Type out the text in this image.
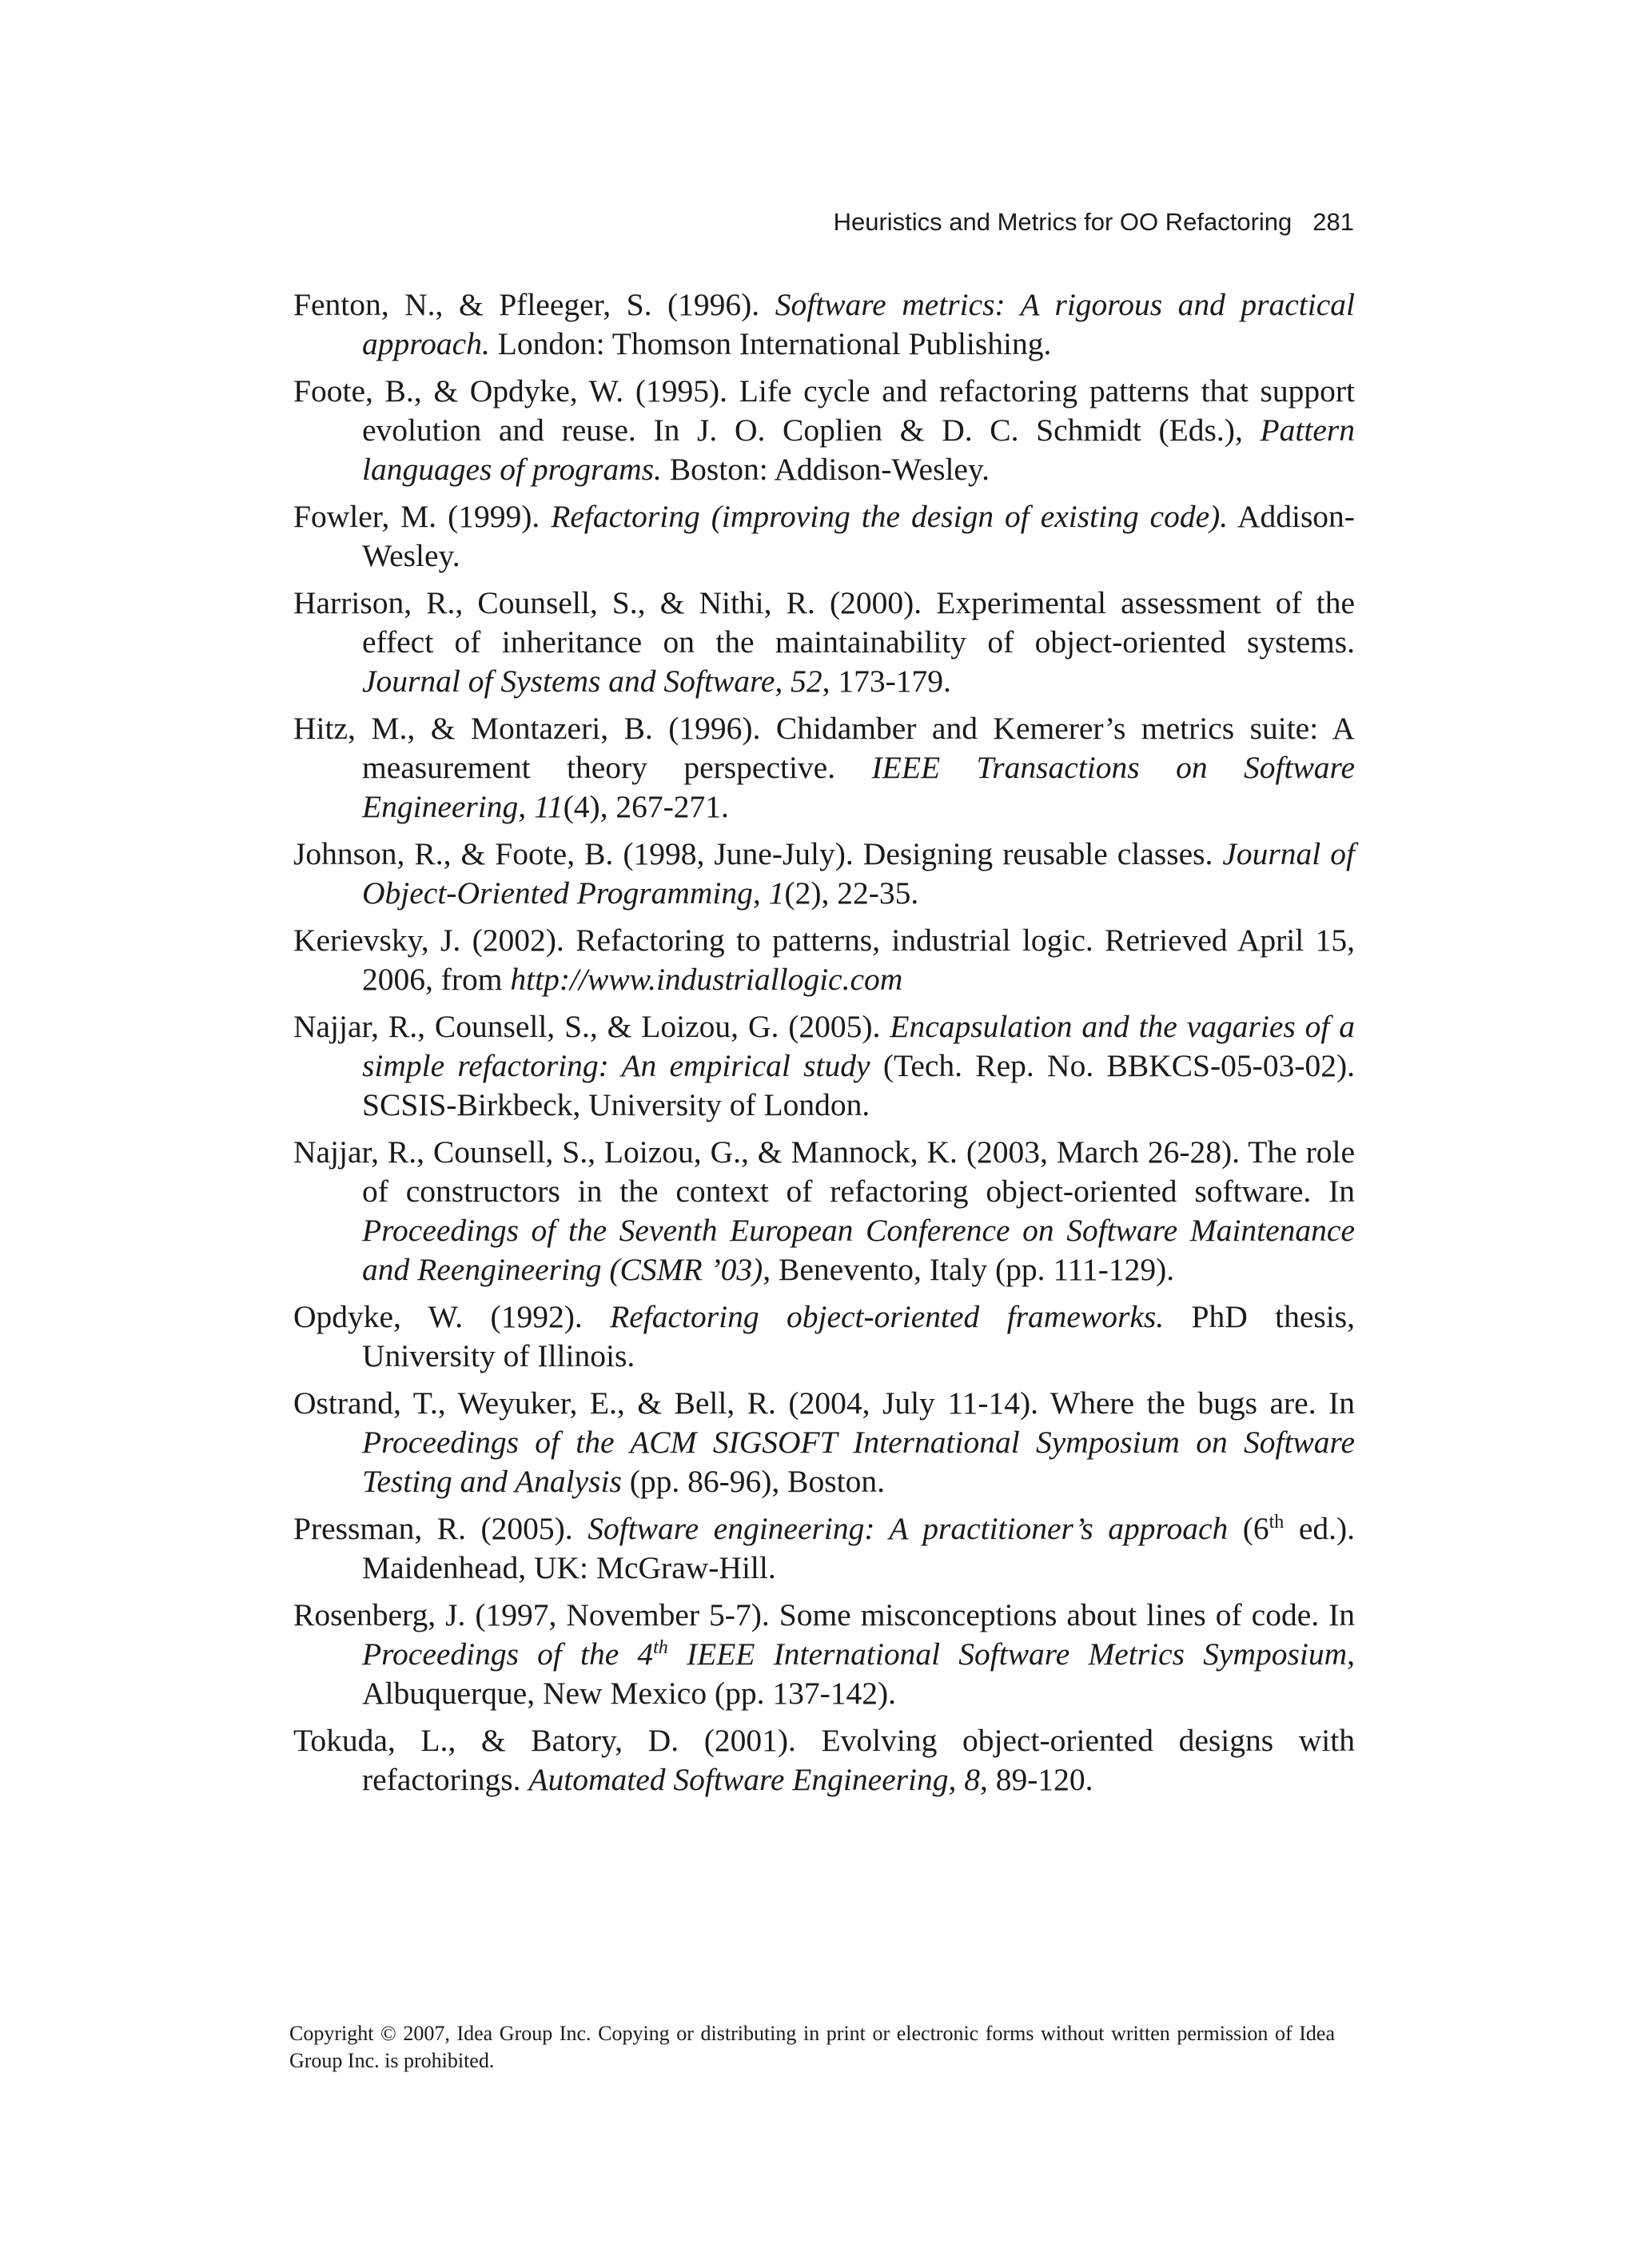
Heuristics and Metrics for OO Refactoring 281
Fenton, N., & Pfleeger, S. (1996). Software metrics: A rigorous and practical approach. London: Thomson International Publishing.
Foote, B., & Opdyke, W. (1995). Life cycle and refactoring patterns that support evolution and reuse. In J. O. Coplien & D. C. Schmidt (Eds.), Pattern languages of programs. Boston: Addison-Wesley.
Fowler, M. (1999). Refactoring (improving the design of existing code). Addison-Wesley.
Harrison, R., Counsell, S., & Nithi, R. (2000). Experimental assessment of the effect of inheritance on the maintainability of object-oriented systems. Journal of Systems and Software, 52, 173-179.
Hitz, M., & Montazeri, B. (1996). Chidamber and Kemerer’s metrics suite: A measurement theory perspective. IEEE Transactions on Software Engineering, 11(4), 267-271.
Johnson, R., & Foote, B. (1998, June-July). Designing reusable classes. Journal of Object-Oriented Programming, 1(2), 22-35.
Kerievsky, J. (2002). Refactoring to patterns, industrial logic. Retrieved April 15, 2006, from http://www.industriallogic.com
Najjar, R., Counsell, S., & Loizou, G. (2005). Encapsulation and the vagaries of a simple refactoring: An empirical study (Tech. Rep. No. BBKCS-05-03-02). SCSIS-Birkbeck, University of London.
Najjar, R., Counsell, S., Loizou, G., & Mannock, K. (2003, March 26-28). The role of constructors in the context of refactoring object-oriented software. In Proceedings of the Seventh European Conference on Software Maintenance and Reengineering (CSMR ’03), Benevento, Italy (pp. 111-129).
Opdyke, W. (1992). Refactoring object-oriented frameworks. PhD thesis, University of Illinois.
Ostrand, T., Weyuker, E., & Bell, R. (2004, July 11-14). Where the bugs are. In Proceedings of the ACM SIGSOFT International Symposium on Software Testing and Analysis (pp. 86-96), Boston.
Pressman, R. (2005). Software engineering: A practitioner’s approach (6th ed.). Maidenhead, UK: McGraw-Hill.
Rosenberg, J. (1997, November 5-7). Some misconceptions about lines of code. In Proceedings of the 4th IEEE International Software Metrics Symposium, Albuquerque, New Mexico (pp. 137-142).
Tokuda, L., & Batory, D. (2001). Evolving object-oriented designs with refactorings. Automated Software Engineering, 8, 89-120.
Copyright © 2007, Idea Group Inc. Copying or distributing in print or electronic forms without written permission of Idea Group Inc. is prohibited.
